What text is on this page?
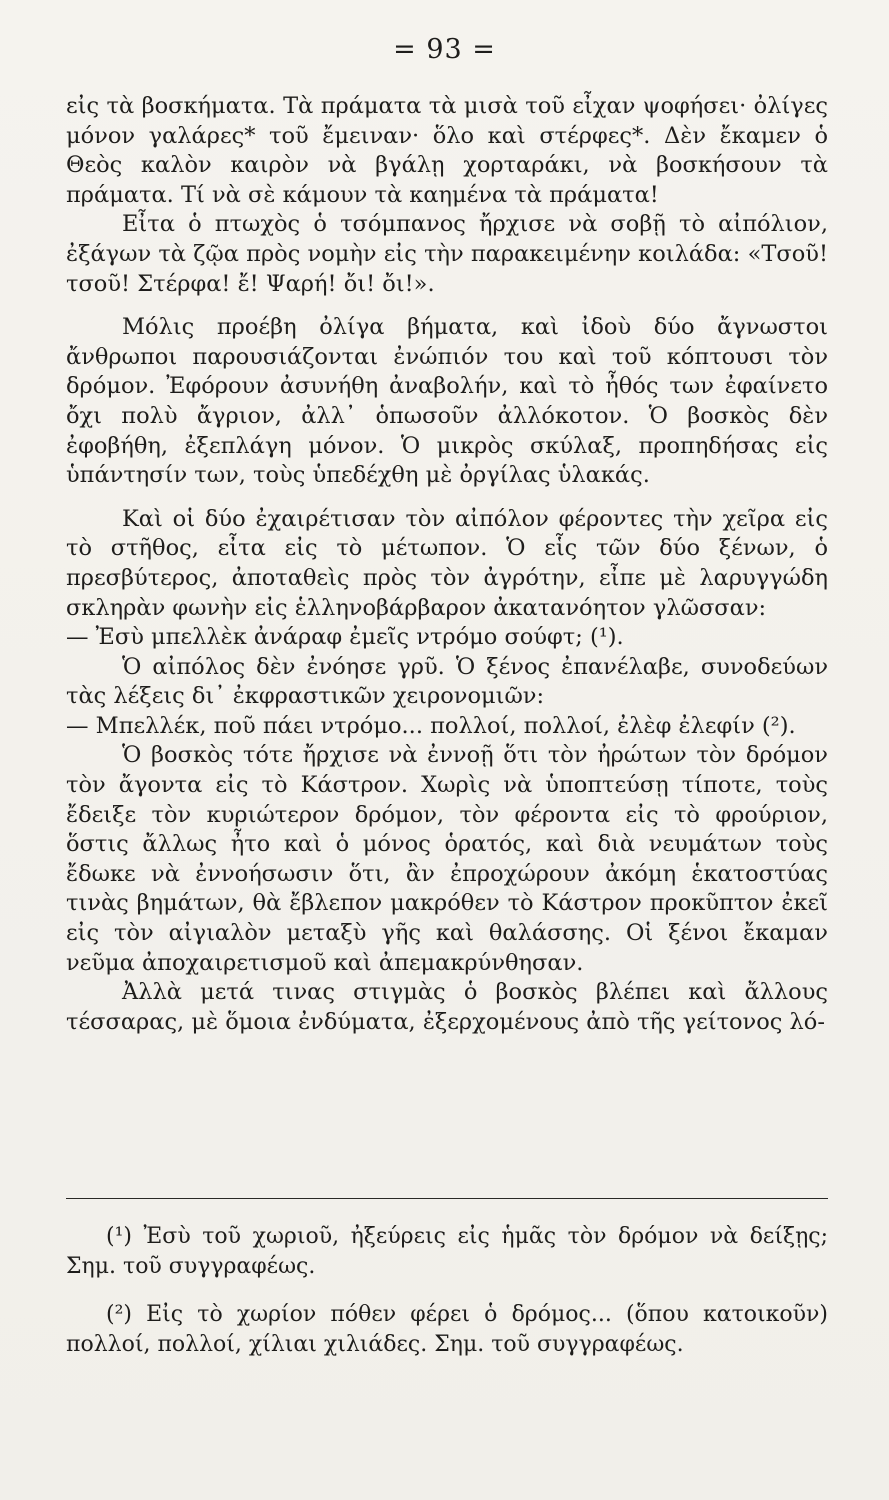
= 93 =

εἰς τὰ βοσκήματα. Τὰ πράματα τὰ μισὰ τοῦ εἶχαν ψοφήσει· ὀλίγες μόνον γαλάρες* τοῦ ἔμειναν· ὅλο καὶ στέρφες*. Δὲν ἔκαμεν ὁ Θεὸς καλὸν καιρὸν νὰ βγάλῃ χορταράκι, νὰ βοσκήσουν τὰ πράματα. Τί νὰ σὲ κάμουν τὰ καημένα τὰ πράματα!

Εἶτα ὁ πτωχὸς ὁ τσόμπανος ἤρχισε νὰ σοβῇ τὸ αἰπόλιον, ἐξάγων τὰ ζῷα πρὸς νομὴν εἰς τὴν παρακειμένην κοιλάδα: «Τσοῦ! τσοῦ! Στέρφα! ἔ! Ψαρή! ὄι! ὄι!».

Μόλις προέβη ὀλίγα βήματα, καὶ ἰδοὺ δύο ἄγνωστοι ἄνθρωποι παρουσιάζονται ἐνώπιόν του καὶ τοῦ κόπτουσι τὸν δρόμον. Ἐφόρουν ἀσυνήθη ἀναβολήν, καὶ τὸ ἦθός των ἐφαίνετο ὄχι πολὺ ἄγριον, ἀλλ᾽ ὁπωσοῦν ἀλλόκοτον. Ὁ βοσκὸς δὲν ἐφοβήθη, ἐξεπλάγη μόνον. Ὁ μικρὸς σκύλαξ, προπηδήσας εἰς ὑπάντησίν των, τοὺς ὑπεδέχθη μὲ ὀργίλας ὑλακάς.

Καὶ οἱ δύο ἐχαιρέτισαν τὸν αἰπόλον φέροντες τὴν χεῖρα εἰς τὸ στῆθος, εἶτα εἰς τὸ μέτωπον. Ὁ εἷς τῶν δύο ξένων, ὁ πρεσβύτερος, ἀποταθεὶς πρὸς τὸν ἀγρότην, εἶπε μὲ λαρυγγώδη σκληρὰν φωνὴν εἰς ἑλληνοβάρβαρον ἀκατανόητον γλῶσσαν:

— Ἐσὺ μπελλὲκ ἀνάραφ ἐμεῖς ντρόμο σούφτ; (¹).

Ὁ αἰπόλος δὲν ἐνόησε γρῦ. Ὁ ξένος ἐπανέλαβε, συνοδεύων τὰς λέξεις δι᾽ ἐκφραστικῶν χειρονομιῶν:

— Μπελλέκ, ποῦ πάει ντρόμο... πολλοί, πολλοί, ἐλὲφ ἐλεφίν (²).

Ὁ βοσκὸς τότε ἤρχισε νὰ ἐννοῇ ὅτι τὸν ἠρώτων τὸν δρόμον τὸν ἄγοντα εἰς τὸ Κάστρον. Χωρὶς νὰ ὑποπτεύσῃ τίποτε, τοὺς ἔδειξε τὸν κυριώτερον δρόμον, τὸν φέροντα εἰς τὸ φρούριον, ὅστις ἄλλως ἦτο καὶ ὁ μόνος ὁρατός, καὶ διὰ νευμάτων τοὺς ἔδωκε νὰ ἐννοήσωσιν ὅτι, ἂν ἐπροχώρουν ἀκόμη ἑκατοστύας τινὰς βημάτων, θὰ ἔβλεπον μακρόθεν τὸ Κάστρον προκῦπτον ἐκεῖ εἰς τὸν αἰγιαλὸν μεταξὺ γῆς καὶ θαλάσσης. Οἱ ξένοι ἔκαμαν νεῦμα ἀποχαιρετισμοῦ καὶ ἀπεμακρύνθησαν.

Ἀλλὰ μετά τινας στιγμὰς ὁ βοσκὸς βλέπει καὶ ἄλλους τέσσαρας, μὲ ὅμοια ἐνδύματα, ἐξερχομένους ἀπὸ τῆς γείτονος λό-

(¹) Ἐσὺ τοῦ χωριοῦ, ἠξεύρεις εἰς ἡμᾶς τὸν δρόμον νὰ δείξῃς; Σημ. τοῦ συγγραφέως.

(²) Εἰς τὸ χωρίον πόθεν φέρει ὁ δρόμος... (ὅπου κατοικοῦν) πολλοί, πολλοί, χίλιαι χιλιάδες. Σημ. τοῦ συγγραφέως.
